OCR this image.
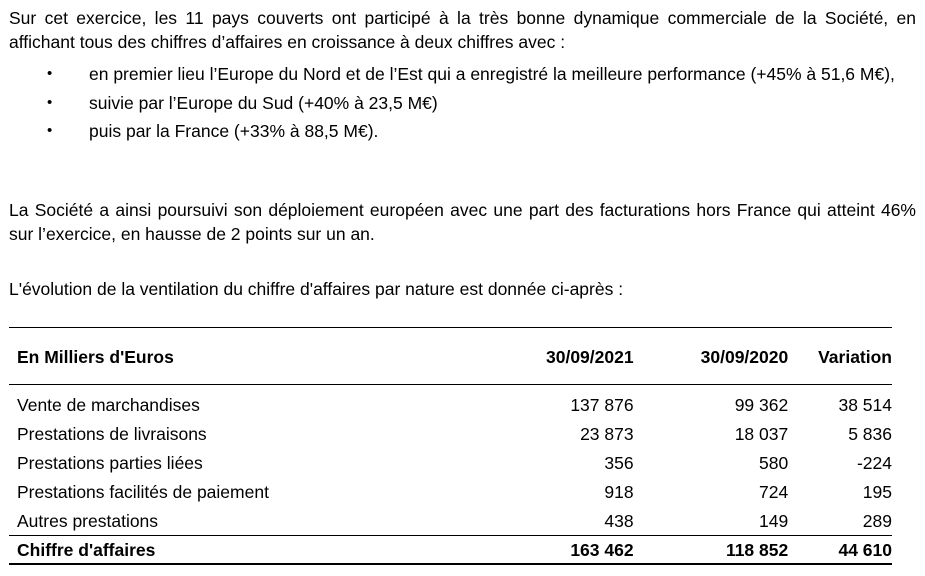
Sur cet exercice, les 11 pays couverts ont participé à la très bonne dynamique commerciale de la Société, en affichant tous des chiffres d’affaires en croissance à deux chiffres avec :

• en premier lieu l’Europe du Nord et de l’Est qui a enregistré la meilleure performance (+45% à 51,6 M€),
• suivie par l’Europe du Sud (+40% à 23,5 M€)
• puis par la France (+33% à 88,5 M€).

La Société a ainsi poursuivi son déploiement européen avec une part des facturations hors France qui atteint 46% sur l’exercice, en hausse de 2 points sur un an.

L'évolution de la ventilation du chiffre d'affaires par nature est donnée ci-après :

En Milliers d'Euros	30/09/2021	30/09/2020	Variation
Vente de marchandises	137 876	99 362	38 514
Prestations de livraisons	23 873	18 037	5 836
Prestations parties liées	356	580	-224
Prestations facilités de paiement	918	724	195
Autres prestations	438	149	289
Chiffre d'affaires	163 462	118 852	44 610
